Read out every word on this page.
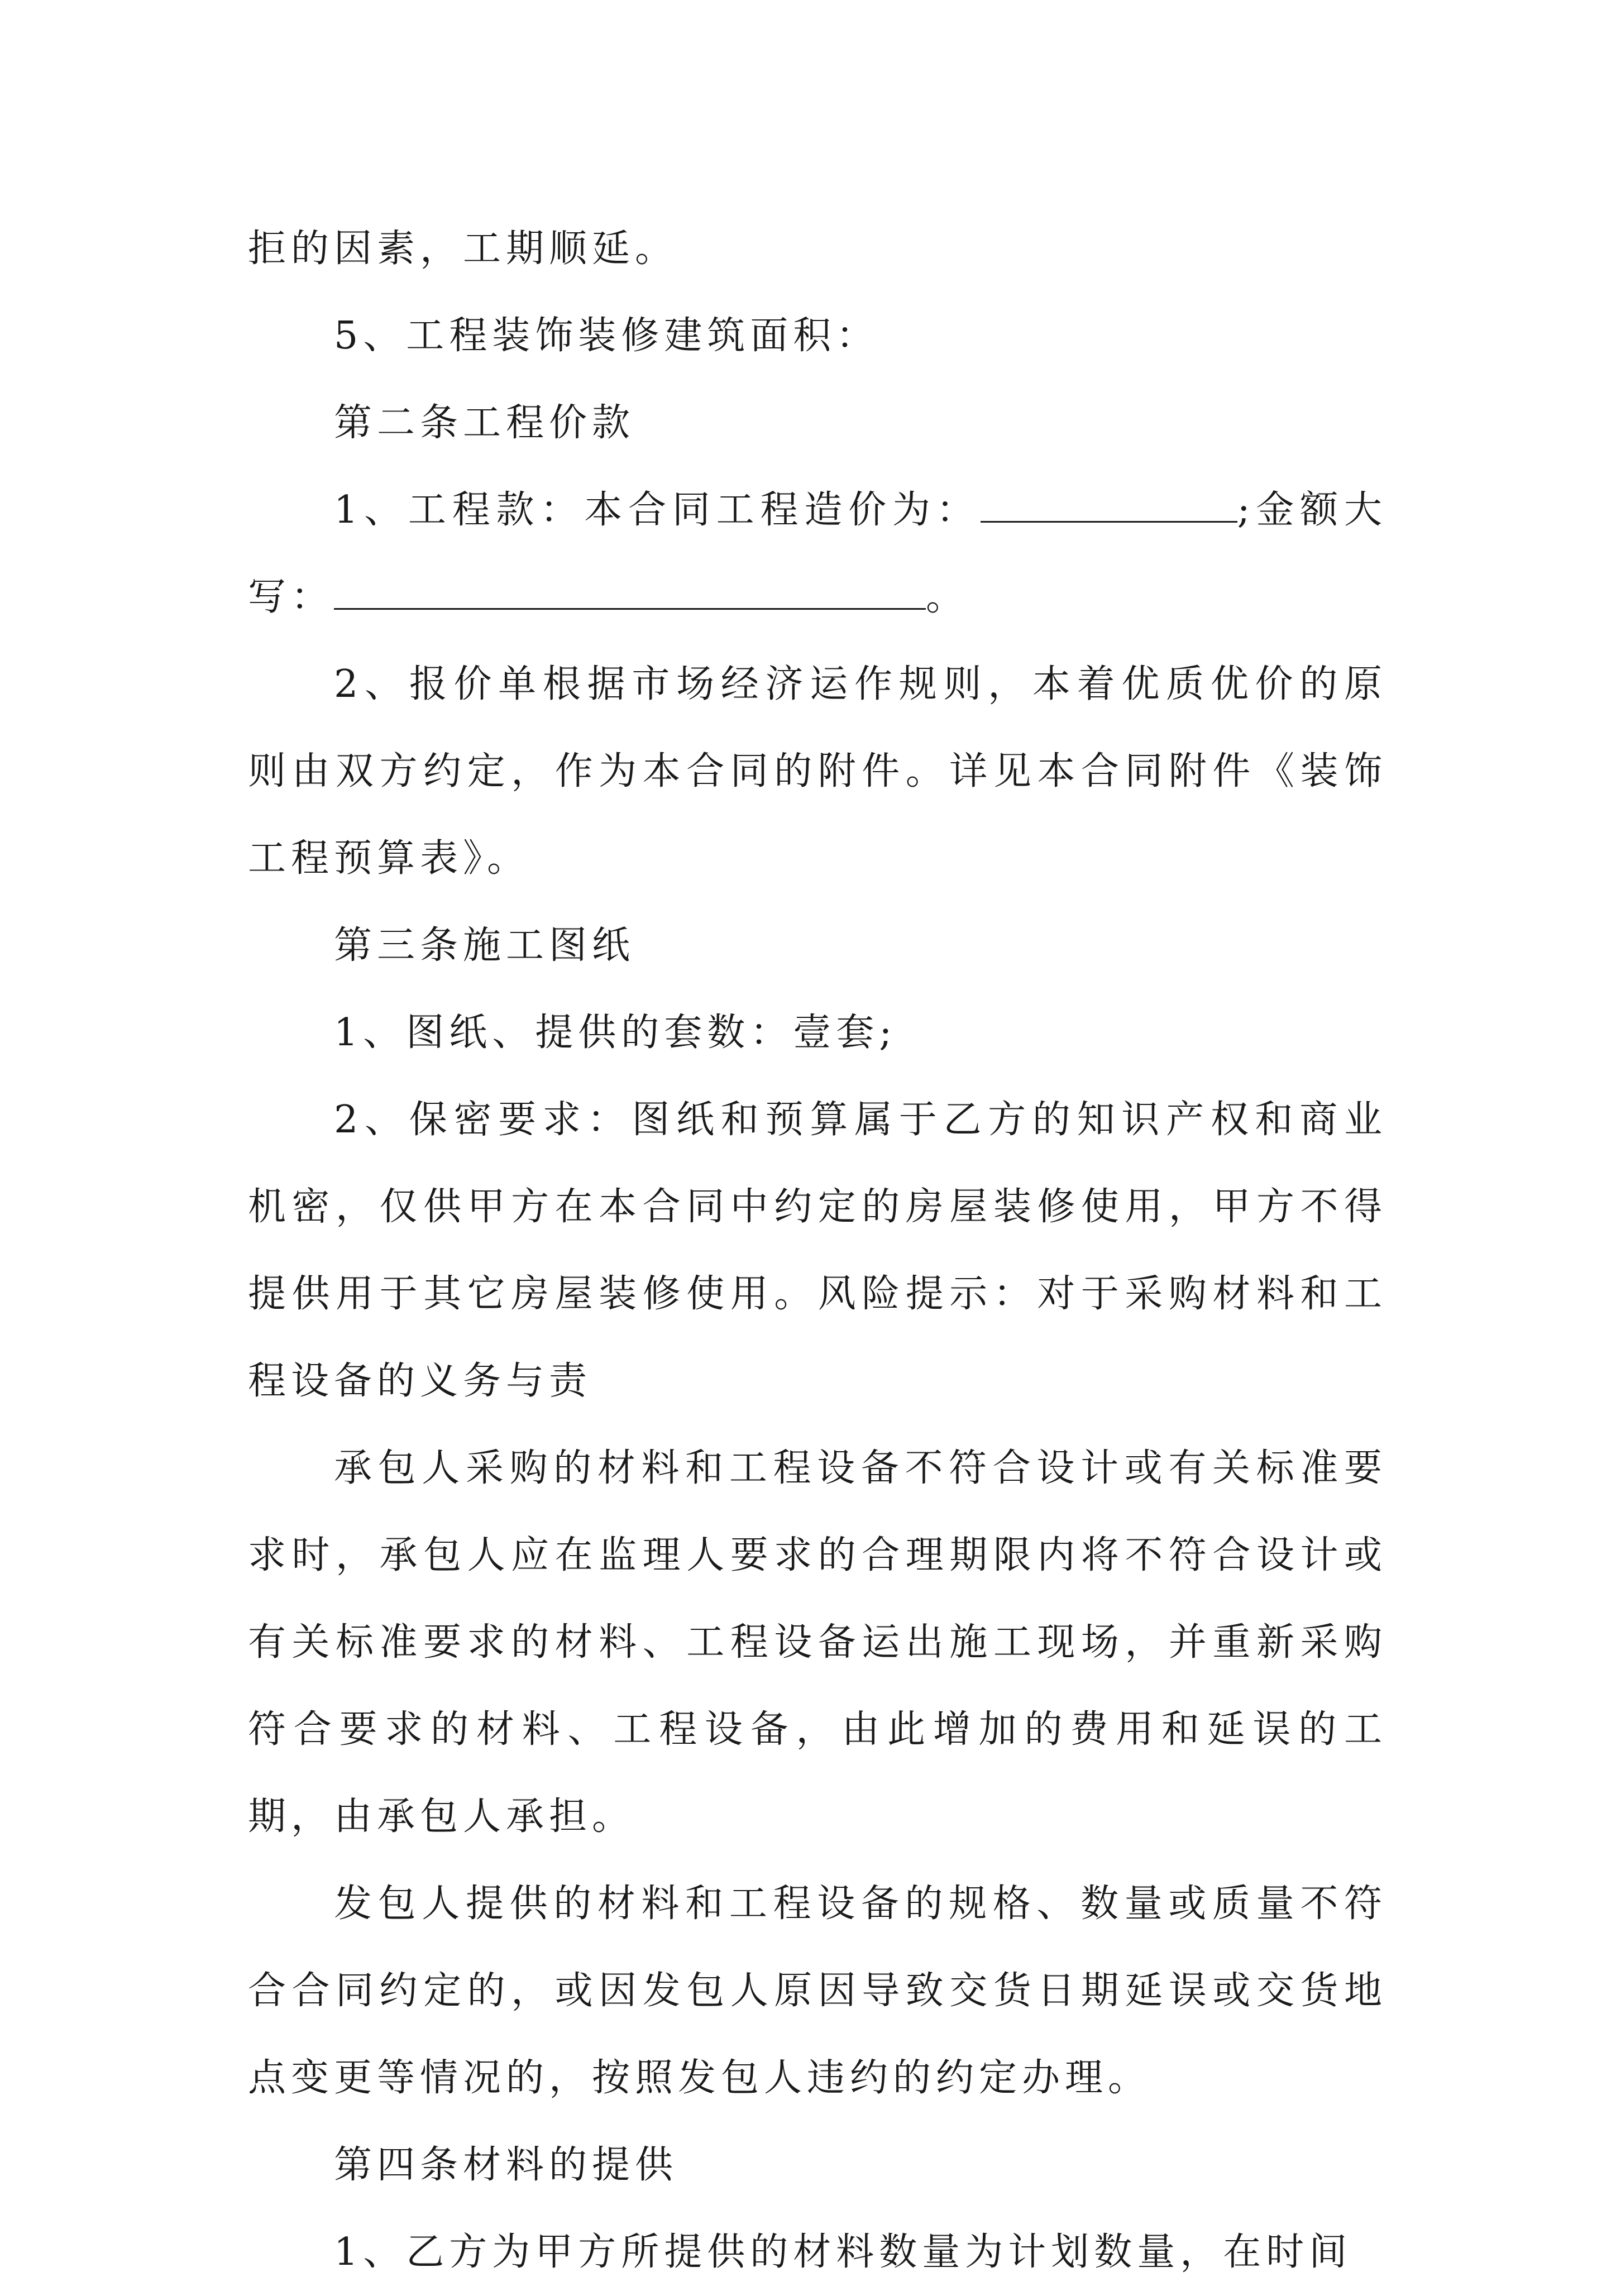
拒的因素，工期顺延。

5、工程装饰装修建筑面积：

第二条工程价款

1、工程款：本合同工程造价为：	;金额大写：	。

2、报价单根据市场经济运作规则，本着优质优价的原则由双方约定，作为本合同的附件。详见本合同附件《装饰工程预算表》。

第三条施工图纸

1、图纸、提供的套数：壹套;

2、保密要求：图纸和预算属于乙方的知识产权和商业机密，仅供甲方在本合同中约定的房屋装修使用，甲方不得提供用于其它房屋装修使用。风险提示：对于采购材料和工程设备的义务与责

承包人采购的材料和工程设备不符合设计或有关标准要求时，承包人应在监理人要求的合理期限内将不符合设计或有关标准要求的材料、工程设备运出施工现场，并重新采购符合要求的材料、工程设备，由此增加的费用和延误的工期，由承包人承担。

发包人提供的材料和工程设备的规格、数量或质量不符合合同约定的，或因发包人原因导致交货日期延误或交货地点变更等情况的，按照发包人违约的约定办理。

第四条材料的提供

1、乙方为甲方所提供的材料数量为计划数量，在时间
